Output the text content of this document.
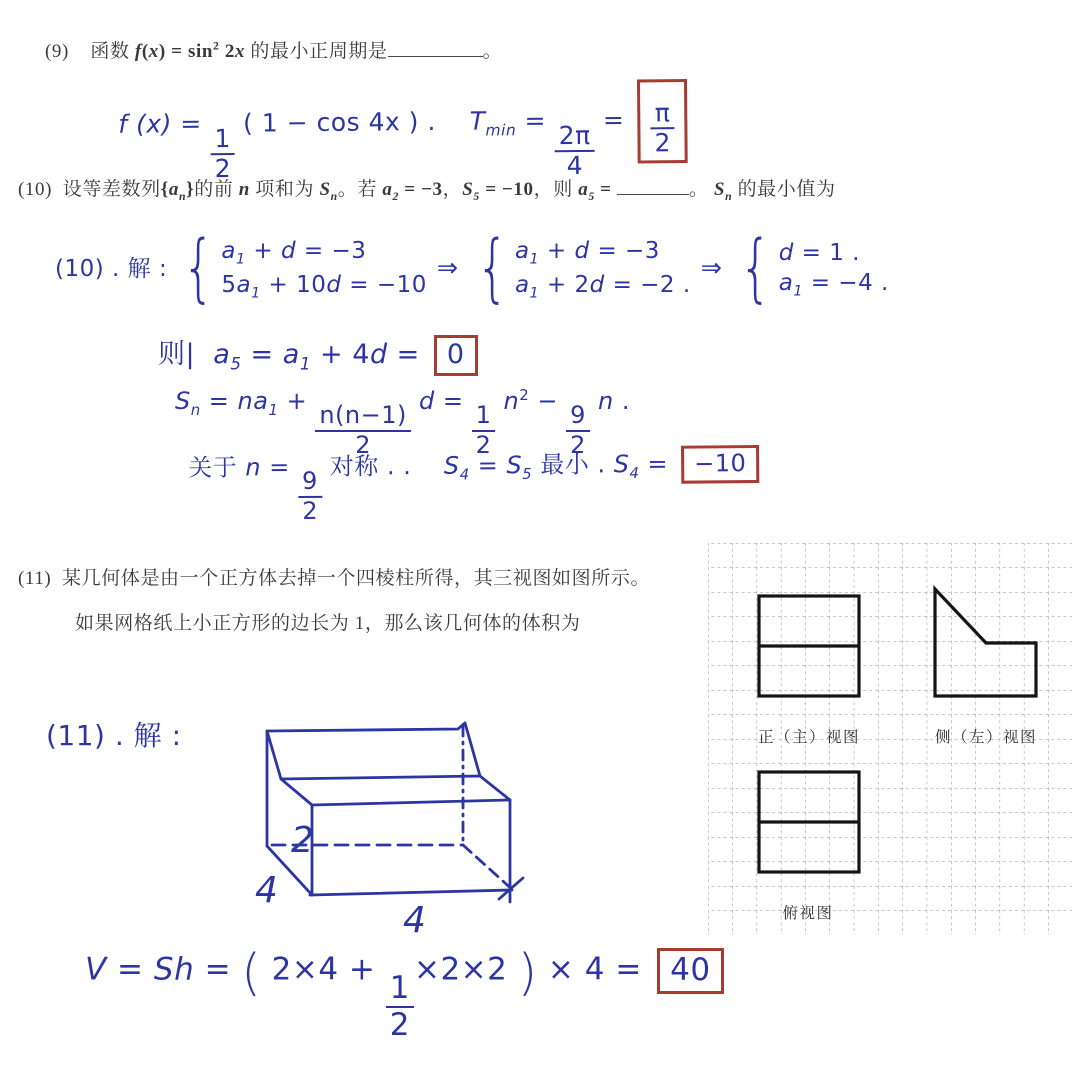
(9)    函数 $f(x) = \sin^2 2x$ 的最小正周期是	。
(10)  设等差数列$\{a_n\}$的前 n 项和为 $S_n$。若 $a_2 = -3$，$S_5 = -10$，则 $a_5$ =	。 $S_n$ 的最小值为
(11)  某几何体是由一个正方体去掉一个四棱柱所得，其三视图如图所示。
如果网格纸上小正方形的边长为 1，那么该几何体的体积为
f (x) =
$\frac{1}{2}$
( 1 − cos 4x ) .    $T_{min}$ =
$\frac{2\pi}{4}$
= $\frac{\pi}{2}$
(10) . 解 : { $a_1 + d = -3$
$5a_1 + 10d = -10$
⇒ { $a_1 + d = -3$
$a_1 + 2d = -2$ .
⇒ { d = 1 .
$a_1 = -4$ .
则|  $a_5 = a_1 + 4d = 0$
$S_n = na_1$ +
$\frac{n(n-1)}{2}$
d =
$\frac{1}{2}$
$n^2$ −
$\frac{9}{2}$
n .
关于 n =
$\frac{9}{2}$
对称 . .    $S_4 = S_5$ 最小 . $S_4 = -10$
(11) . 解 :
V = Sh = ( 2×4 +
$\frac{1}{2}$
×2×2 ) × 4 = 40
正（主）视图	侧（左）视图
俯视图
2
4
4
